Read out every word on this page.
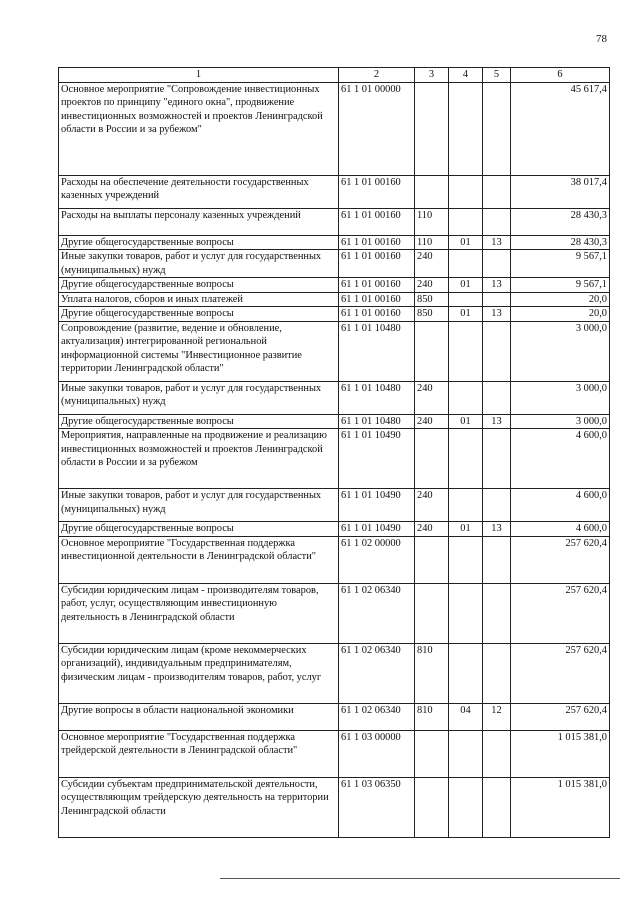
78
1	2	3	4	5	6
Основное мероприятие "Сопровождение инвестиционных проектов по принципу "единого окна", продвижение инвестиционных возможностей и проектов Ленинградской области в России и за рубежом"	61 1 01 00000				45 617,4
Расходы на обеспечение деятельности государственных казенных учреждений	61 1 01 00160				38 017,4
Расходы на выплаты персоналу казенных учреждений	61 1 01 00160	110			28 430,3
Другие общегосударственные вопросы	61 1 01 00160	110	01	13	28 430,3
Иные закупки товаров, работ и услуг для государственных (муниципальных) нужд	61 1 01 00160	240			9 567,1
Другие общегосударственные вопросы	61 1 01 00160	240	01	13	9 567,1
Уплата налогов, сборов и иных платежей	61 1 01 00160	850			20,0
Другие общегосударственные вопросы	61 1 01 00160	850	01	13	20,0
Сопровождение (развитие, ведение и обновление, актуализация) интегрированной региональной информационной системы "Инвестиционное развитие территории Ленинградской области"	61 1 01 10480				3 000,0
Иные закупки товаров, работ и услуг для государственных (муниципальных) нужд	61 1 01 10480	240			3 000,0
Другие общегосударственные вопросы	61 1 01 10480	240	01	13	3 000,0
Мероприятия, направленные на продвижение и реализацию инвестиционных возможностей и проектов Ленинградской области в России и за рубежом	61 1 01 10490				4 600,0
Иные закупки товаров, работ и услуг для государственных (муниципальных) нужд	61 1 01 10490	240			4 600,0
Другие общегосударственные вопросы	61 1 01 10490	240	01	13	4 600,0
Основное мероприятие "Государственная поддержка инвестиционной деятельности в Ленинградской области"	61 1 02 00000				257 620,4
Субсидии юридическим лицам - производителям товаров, работ, услуг, осуществляющим инвестиционную деятельность в Ленинградской области	61 1 02 06340				257 620,4
Субсидии юридическим лицам (кроме некоммерческих организаций), индивидуальным предпринимателям, физическим лицам - производителям товаров, работ, услуг	61 1 02 06340	810			257 620,4
Другие вопросы в области национальной экономики	61 1 02 06340	810	04	12	257 620,4
Основное мероприятие "Государственная поддержка трейдерской деятельности в Ленинградской области"	61 1 03 00000				1 015 381,0
Субсидии субъектам предпринимательской деятельности, осуществляющим трейдерскую деятельность на территории Ленинградской области	61 1 03 06350				1 015 381,0
